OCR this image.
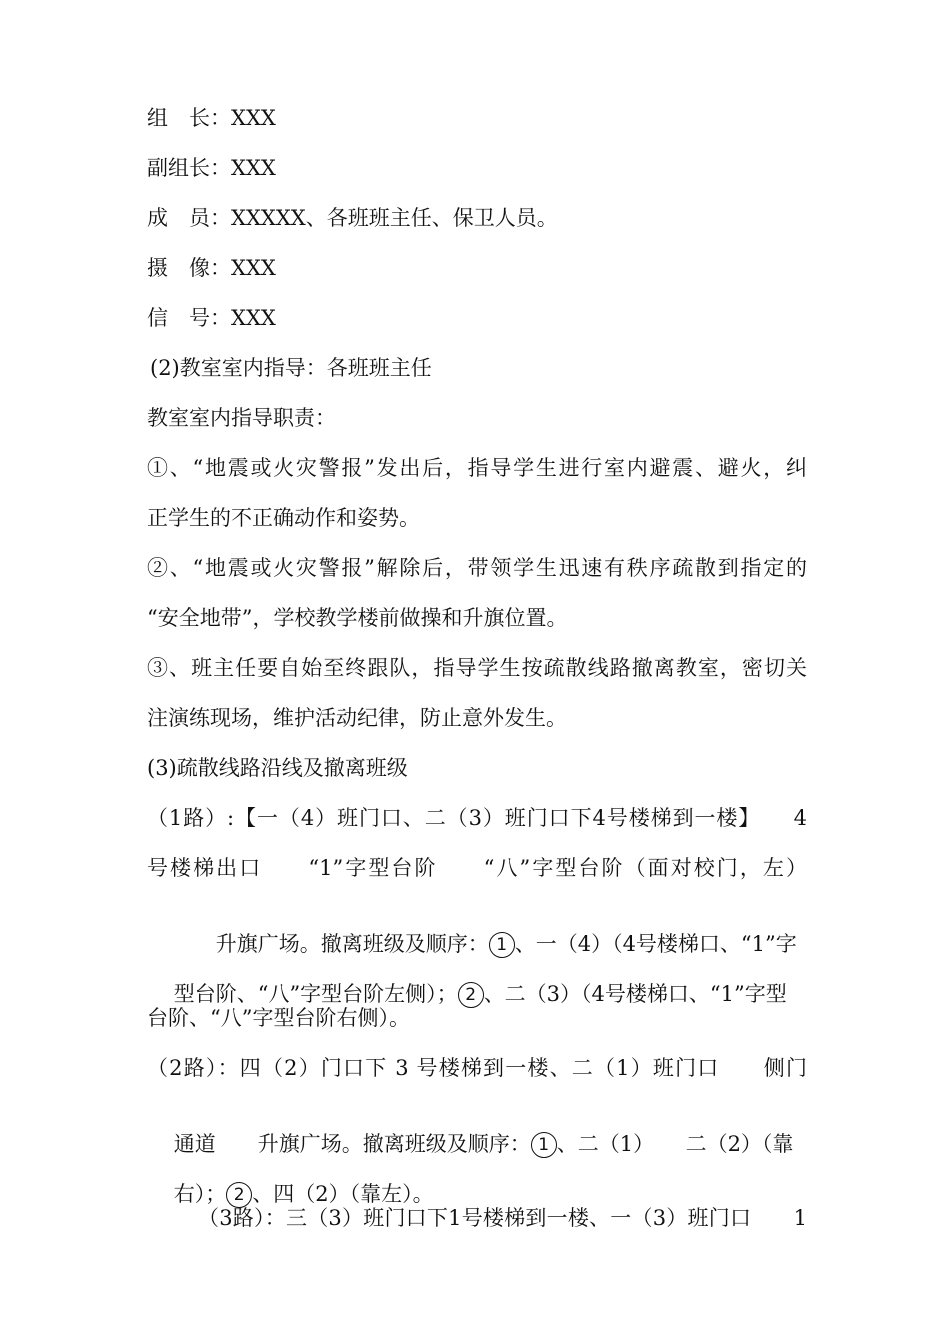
组　长：XXX
副组长：XXX
成　员：XXXXX、各班班主任、保卫人员。
摄　像：XXX
信　号：XXX
(2)教室室内指导：各班班主任
教室室内指导职责：
①、“地震或火灾警报”发出后，指导学生进行室内避震、避火，纠
正学生的不正确动作和姿势。
②、“地震或火灾警报”解除后，带领学生迅速有秩序疏散到指定的
“安全地带”，学校教学楼前做操和升旗位置。
③、班主任要自始至终跟队，指导学生按疏散线路撤离教室，密切关
注演练现场，维护活动纪律，防止意外发生。
(3)疏散线路沿线及撤离班级
（1路）:【一（4）班门口、二（3）班门口下4号楼梯到一楼】　　4
号楼梯出口　　“1”字型台阶　　“八”字型台阶（面对校门，左）

　　升旗广场。撤离班级及顺序： 1 、一（4）（4号楼梯口、“1”字

型台阶、“八”字型台阶左侧）； 2 、二（3）（4号楼梯口、“1”字型

台阶、“八”字型台阶右侧）。
（2路）：四（2）门口下 3 号楼梯到一楼、二（1）班门口　　侧门

通道　　升旗广场。撤离班级及顺序： 1 、二（1）　　二（2）（靠

右）； 2 、四（2）（靠左）。

（3路）：三（3）班门口下1号楼梯到一楼、一（3）班门口　　1
